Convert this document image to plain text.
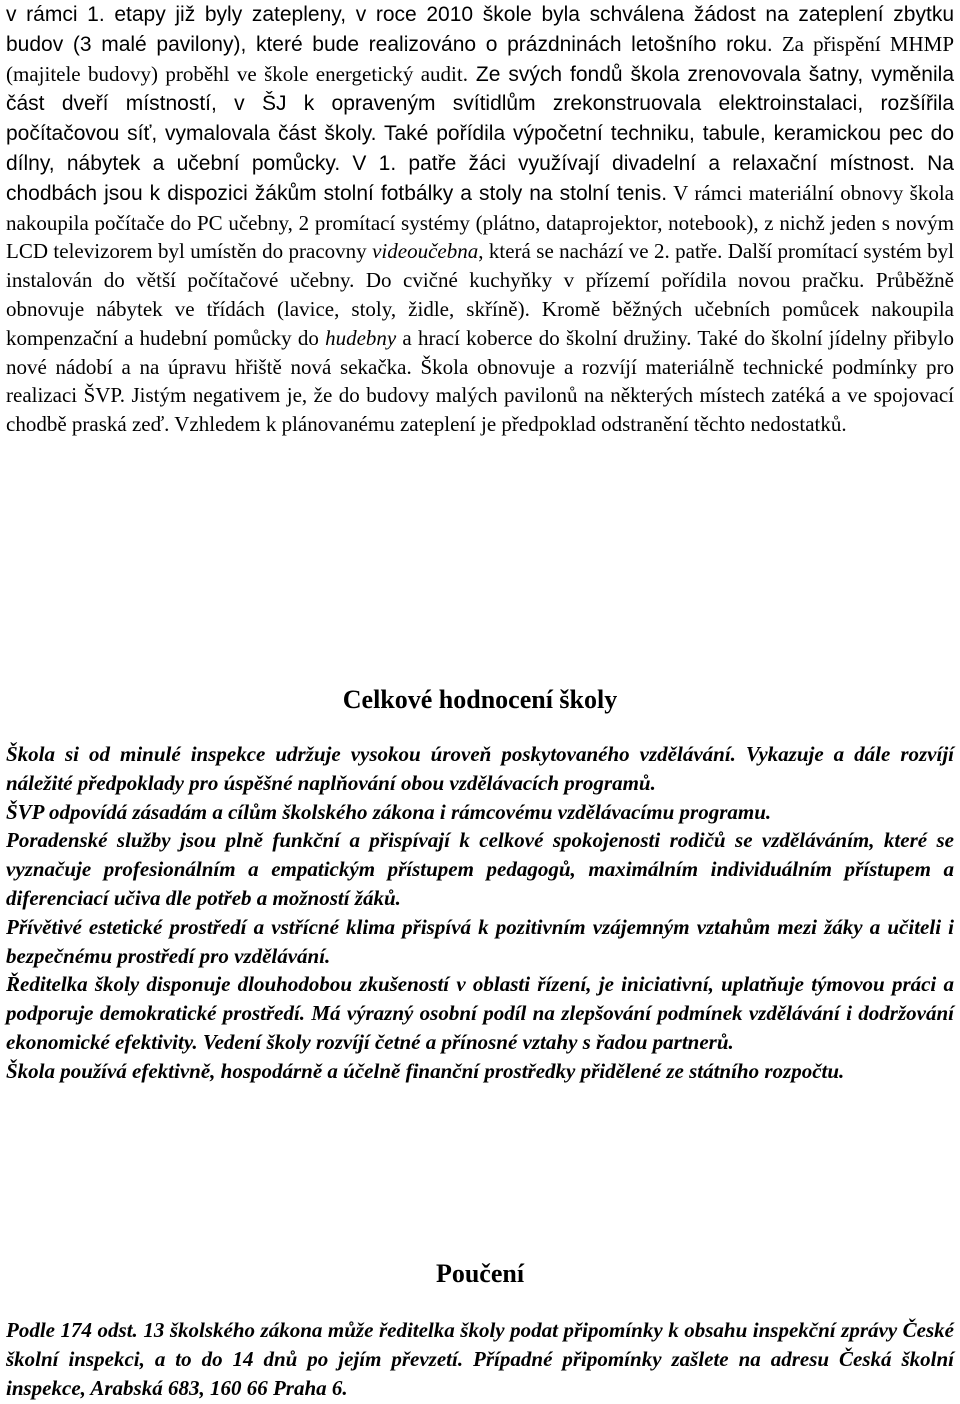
v rámci 1. etapy již byly zatepleny, v roce 2010 škole byla schválena žádost na zateplení zbytku budov (3 malé pavilony), které bude realizováno o prázdninách letošního roku. Za přispění MHMP (majitele budovy) proběhl ve škole energetický audit. Ze svých fondů škola zrenovovala šatny, vyměnila část dveří místností, v ŠJ k opraveným svítidlům zrekonstruovala elektroinstalaci, rozšířila počítačovou síť, vymalovala část školy. Také pořídila výpočetní techniku, tabule, keramickou pec do dílny, nábytek a učební pomůcky. V 1. patře žáci využívají divadelní a relaxační místnost. Na chodbách jsou k dispozici žákům stolní fotbálky a stoly na stolní tenis. V rámci materiální obnovy škola nakoupila počítače do PC učebny, 2 promítací systémy (plátno, dataprojektor, notebook), z nichž jeden s novým LCD televizorem byl umístěn do pracovny videoučebna, která se nachází ve 2. patře. Další promítací systém byl instalován do větší počítačové učebny. Do cvičné kuchyňky v přízemí pořídila novou pračku. Průběžně obnovuje nábytek ve třídách (lavice, stoly, židle, skříně). Kromě běžných učebních pomůcek nakoupila kompenzační a hudební pomůcky do hudebny a hrací koberce do školní družiny. Také do školní jídelny přibylo nové nádobí a na úpravu hřiště nová sekačka. Škola obnovuje a rozvíjí materiálně technické podmínky pro realizaci ŠVP. Jistým negativem je, že do budovy malých pavilonů na některých místech zatéká a ve spojovací chodbě praská zeď. Vzhledem k plánovanému zateplení je předpoklad odstranění těchto nedostatků.

Celkové hodnocení školy

Škola si od minulé inspekce udržuje vysokou úroveň poskytovaného vzdělávání. Vykazuje a dále rozvíjí náležité předpoklady pro úspěšné naplňování obou vzdělávacích programů.

ŠVP odpovídá zásadám a cílům školského zákona i rámcovému vzdělávacímu programu.

Poradenské služby jsou plně funkční a přispívají k celkové spokojenosti rodičů se vzděláváním, které se vyznačuje profesionálním a empatickým přístupem pedagogů, maximálním individuálním přístupem a diferenciací učiva dle potřeb a možností žáků.

Přívětivé estetické prostředí a vstřícné klima přispívá k pozitivním vzájemným vztahům mezi žáky a učiteli i bezpečnému prostředí pro vzdělávání.

Ředitelka školy disponuje dlouhodobou zkušeností v oblasti řízení, je iniciativní, uplatňuje týmovou práci a podporuje demokratické prostředí. Má výrazný osobní podíl na zlepšování podmínek vzdělávání i dodržování ekonomické efektivity. Vedení školy rozvíjí četné a přínosné vztahy s řadou partnerů.

Škola používá efektivně, hospodárně a účelně finanční prostředky přidělené ze státního rozpočtu.

Poučení

Podle 174 odst. 13 školského zákona může ředitelka školy podat připomínky k obsahu inspekční zprávy České školní inspekci, a to do 14 dnů po jejím převzetí. Případné připomínky zašlete na adresu Česká školní inspekce, Arabská 683, 160 66 Praha 6.
